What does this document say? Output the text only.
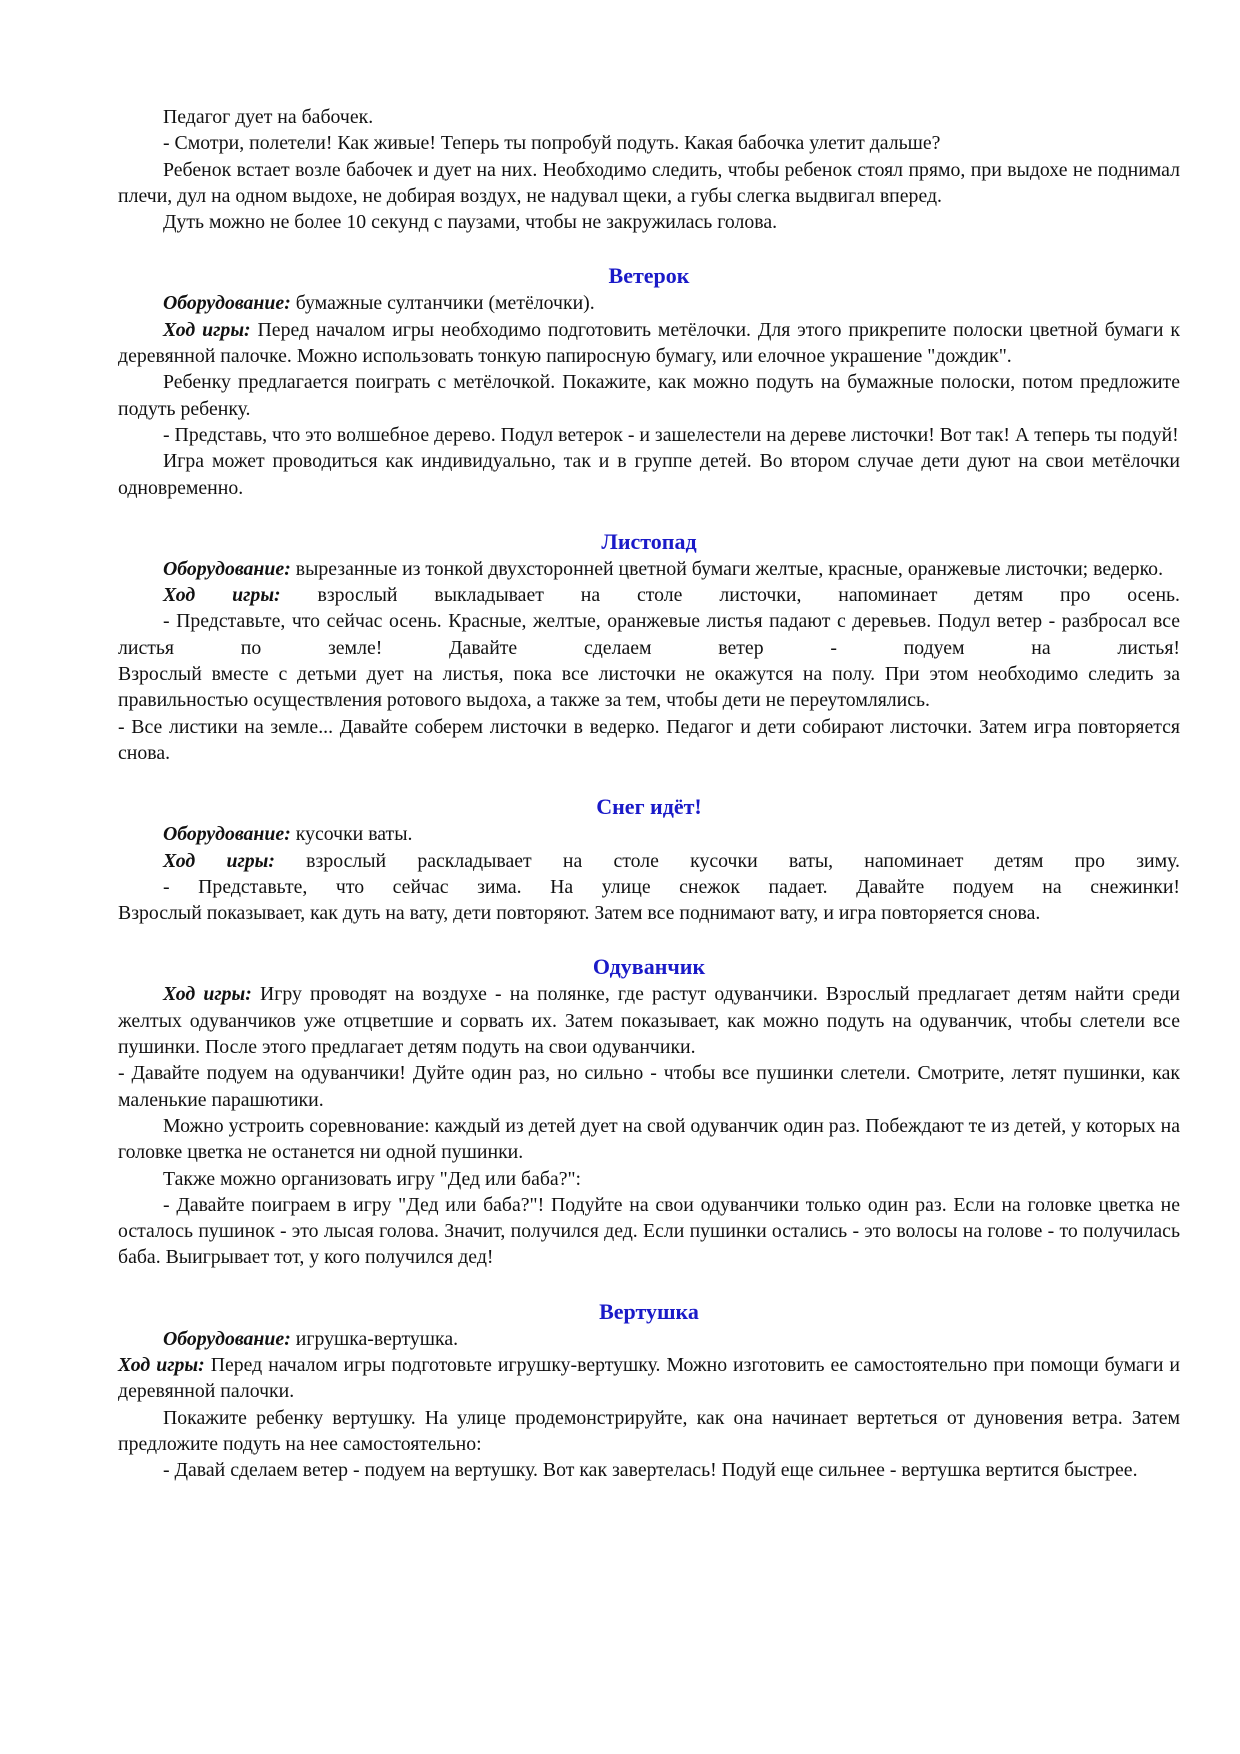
Педагог дует на бабочек.

- Смотри, полетели! Как живые! Теперь ты попробуй подуть. Какая бабочка улетит дальше?

Ребенок встает возле бабочек и дует на них. Необходимо следить, чтобы ребенок стоял прямо, при выдохе не поднимал плечи, дул на одном выдохе, не добирая воздух, не надувал щеки, а губы слегка выдвигал вперед.

Дуть можно не более 10 секунд с паузами, чтобы не закружилась голова.

Ветерок

Оборудование: бумажные султанчики (метёлочки).

Ход игры: Перед началом игры необходимо подготовить метёлочки. Для этого прикрепите полоски цветной бумаги к деревянной палочке. Можно использовать тонкую папиросную бумагу, или елочное украшение "дождик".

Ребенку предлагается поиграть с метёлочкой. Покажите, как можно подуть на бумажные полоски, потом предложите подуть ребенку.

- Представь, что это волшебное дерево. Подул ветерок - и зашелестели на дереве листочки! Вот так! А теперь ты подуй!

Игра может проводиться как индивидуально, так и в группе детей. Во втором случае дети дуют на свои метёлочки одновременно.

Листопад

Оборудование: вырезанные из тонкой двухсторонней цветной бумаги желтые, красные, оранжевые листочки; ведерко.

Ход игры: взрослый выкладывает на столе листочки, напоминает детям про осень.
- Представьте, что сейчас осень. Красные, желтые, оранжевые листья падают с деревьев. Подул ветер - разбросал все листья по земле! Давайте сделаем ветер - подуем на листья!
Взрослый вместе с детьми дует на листья, пока все листочки не окажутся на полу. При этом необходимо следить за правильностью осуществления ротового выдоха, а также за тем, чтобы дети не переутомлялись.
- Все листики на земле... Давайте соберем листочки в ведерко. Педагог и дети собирают листочки. Затем игра повторяется снова.

Снег идёт!

Оборудование: кусочки ваты.

Ход игры: взрослый раскладывает на столе кусочки ваты, напоминает детям про зиму.
- Представьте, что сейчас зима. На улице снежок падает. Давайте подуем на снежинки!
Взрослый показывает, как дуть на вату, дети повторяют. Затем все поднимают вату, и игра повторяется снова.

Одуванчик

Ход игры: Игру проводят на воздухе - на полянке, где растут одуванчики. Взрослый предлагает детям найти среди желтых одуванчиков уже отцветшие и сорвать их. Затем показывает, как можно подуть на одуванчик, чтобы слетели все пушинки. После этого предлагает детям подуть на свои одуванчики.
- Давайте подуем на одуванчики! Дуйте один раз, но сильно - чтобы все пушинки слетели. Смотрите, летят пушинки, как маленькие парашютики.

Можно устроить соревнование: каждый из детей дует на свой одуванчик один раз. Побеждают те из детей, у которых на головке цветка не останется ни одной пушинки.

Также можно организовать игру "Дед или баба?":

- Давайте поиграем в игру "Дед или баба?"! Подуйте на свои одуванчики только один раз. Если на головке цветка не осталось пушинок - это лысая голова. Значит, получился дед. Если пушинки остались - это волосы на голове - то получилась баба. Выигрывает тот, у кого получился дед!

Вертушка

Оборудование: игрушка-вертушка.

Ход игры: Перед началом игры подготовьте игрушку-вертушку. Можно изготовить ее самостоятельно при помощи бумаги и деревянной палочки.

Покажите ребенку вертушку. На улице продемонстрируйте, как она начинает вертеться от дуновения ветра. Затем предложите подуть на нее самостоятельно:

- Давай сделаем ветер - подуем на вертушку. Вот как завертелась! Подуй еще сильнее - вертушка вертится быстрее.
